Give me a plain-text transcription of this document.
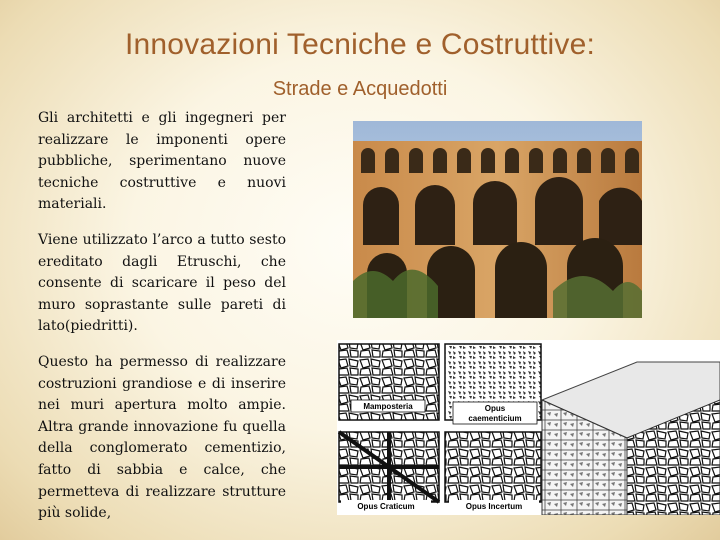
Innovazioni Tecniche e Costruttive:
Strade e Acquedotti

Gli architetti e gli ingegneri per realizzare le imponenti opere pubbliche, sperimentano nuove tecniche costruttive e nuovi materiali.

Viene utilizzato l’arco a tutto sesto ereditato dagli Etruschi, che consente di scaricare il peso del muro soprastante sulle pareti di lato(piedritti).

Questo ha permesso di realizzare costruzioni grandiose e di inserire nei muri apertura molto ampie. Altra grande innovazione fu quella della conglomerato cementizio, fatto di sabbia e calce, che permetteva di realizzare strutture più solide,

Mamposteria	Opus
caementicium
Opus Craticum	Opus Incertum
